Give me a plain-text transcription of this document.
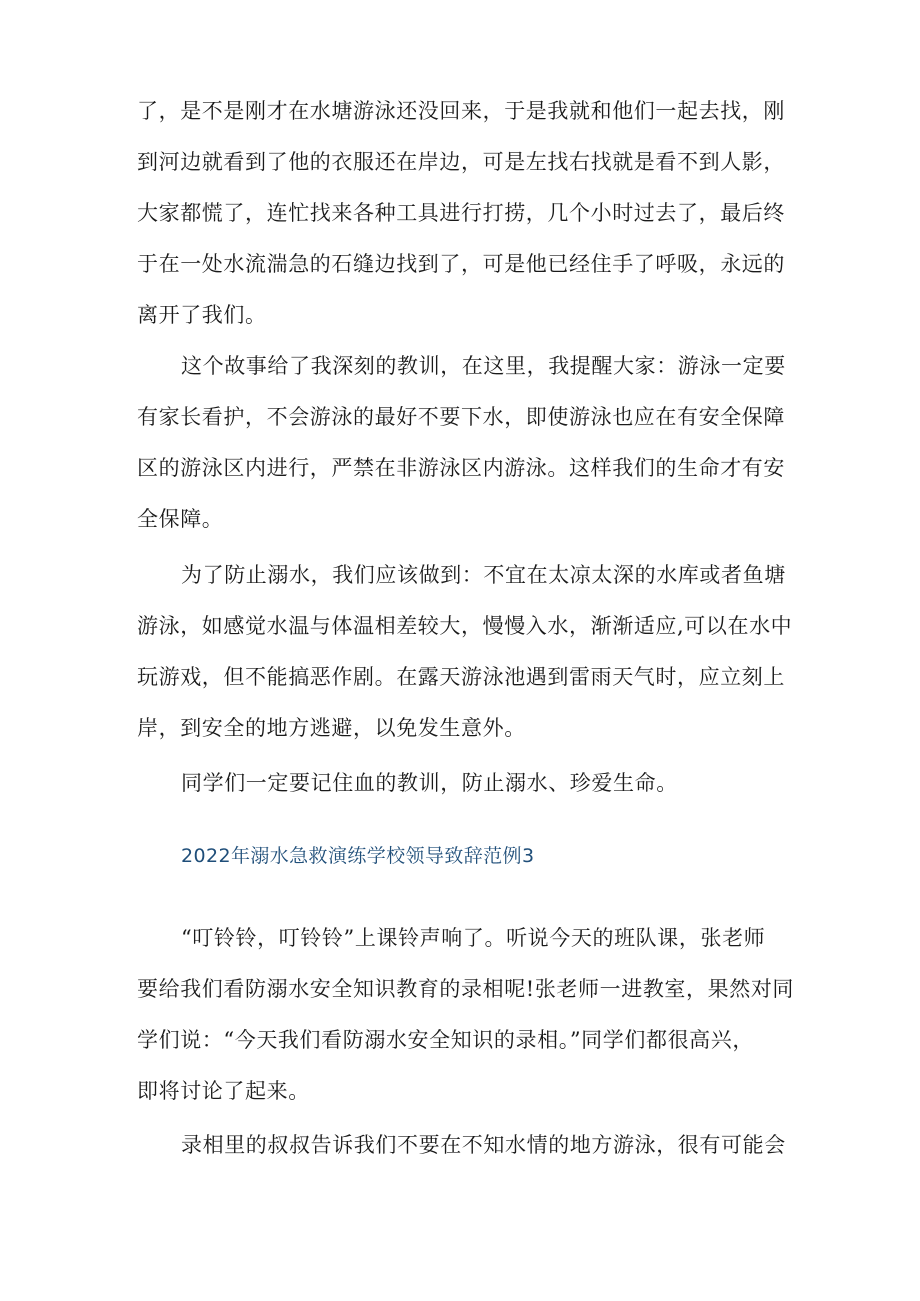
了，是不是刚才在水塘游泳还没回来，于是我就和他们一起去找，刚
到河边就看到了他的衣服还在岸边，可是左找右找就是看不到人影，
大家都慌了，连忙找来各种工具进行打捞，几个小时过去了，最后终
于在一处水流湍急的石缝边找到了，可是他已经住手了呼吸，永远的
离开了我们。
这个故事给了我深刻的教训，在这里，我提醒大家：游泳一定要
有家长看护，不会游泳的最好不要下水，即使游泳也应在有安全保障
区的游泳区内进行，严禁在非游泳区内游泳。这样我们的生命才有安
全保障。
为了防止溺水，我们应该做到：不宜在太凉太深的水库或者鱼塘
游泳，如感觉水温与体温相差较大，慢慢入水，渐渐适应,可以在水中
玩游戏，但不能搞恶作剧。在露天游泳池遇到雷雨天气时，应立刻上
岸，到安全的地方逃避，以免发生意外。
同学们一定要记住血的教训，防止溺水、珍爱生命。
2022年溺水急救演练学校领导致辞范例3
“叮铃铃，叮铃铃”上课铃声响了。听说今天的班队课，张老师
要给我们看防溺水安全知识教育的录相呢!张老师一进教室，果然对同
学们说：“今天我们看防溺水安全知识的录相。”同学们都很高兴，
即将讨论了起来。
录相里的叔叔告诉我们不要在不知水情的地方游泳，很有可能会
